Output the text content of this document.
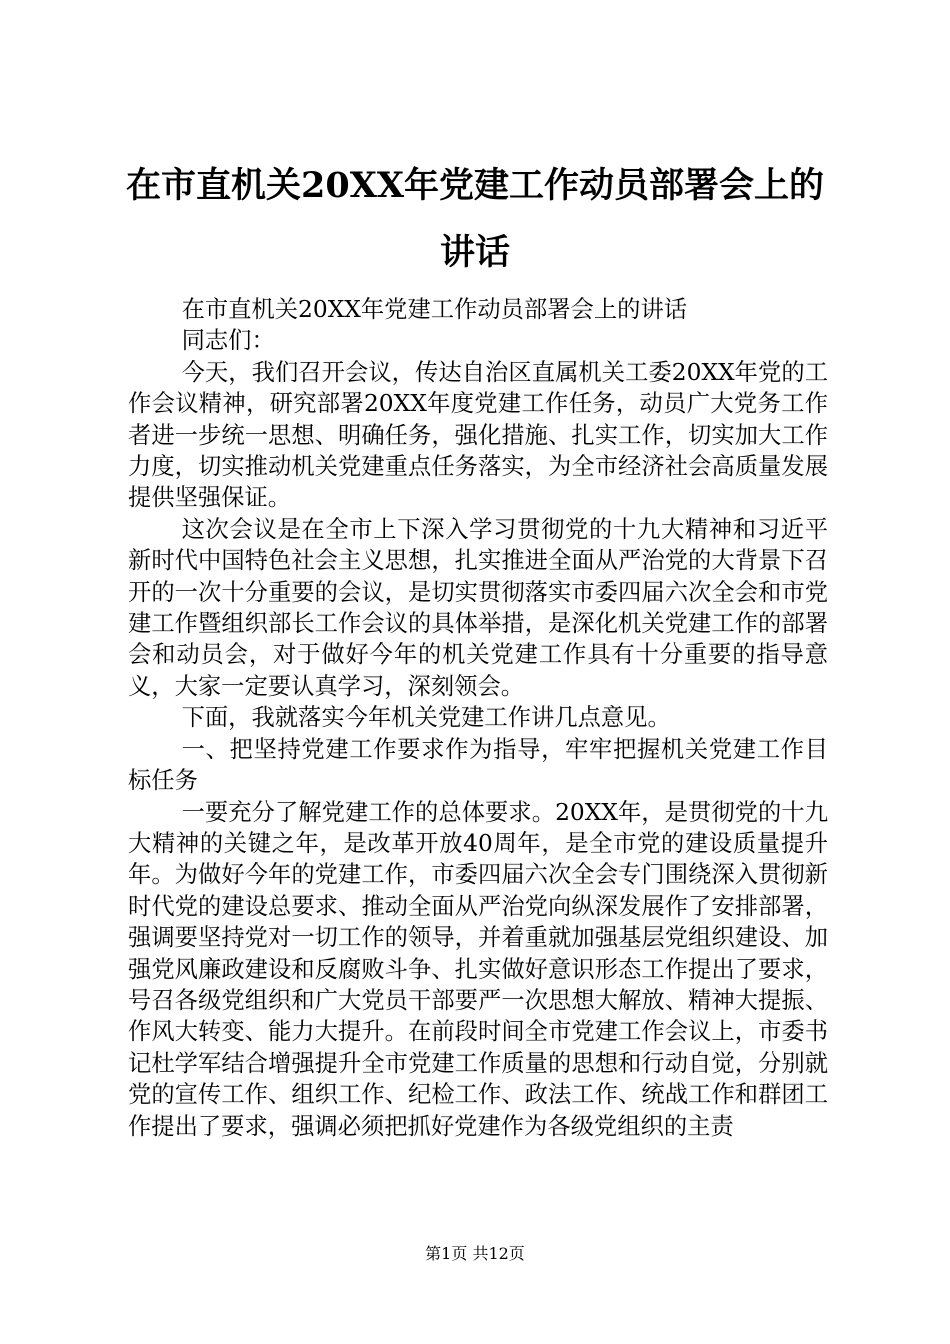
在市直机关20XX年党建工作动员部署会上的讲话

在市直机关20XX年党建工作动员部署会上的讲话

同志们：

今天，我们召开会议，传达自治区直属机关工委20XX年党的工作会议精神，研究部署20XX年度党建工作任务，动员广大党务工作者进一步统一思想、明确任务，强化措施、扎实工作，切实加大工作力度，切实推动机关党建重点任务落实，为全市经济社会高质量发展提供坚强保证。

这次会议是在全市上下深入学习贯彻党的十九大精神和习近平新时代中国特色社会主义思想，扎实推进全面从严治党的大背景下召开的一次十分重要的会议，是切实贯彻落实市委四届六次全会和市党建工作暨组织部长工作会议的具体举措，是深化机关党建工作的部署会和动员会，对于做好今年的机关党建工作具有十分重要的指导意义，大家一定要认真学习，深刻领会。

下面，我就落实今年机关党建工作讲几点意见。

一、把坚持党建工作要求作为指导，牢牢把握机关党建工作目标任务

一要充分了解党建工作的总体要求。20XX年，是贯彻党的十九大精神的关键之年，是改革开放40周年，是全市党的建设质量提升年。为做好今年的党建工作，市委四届六次全会专门围绕深入贯彻新时代党的建设总要求、推动全面从严治党向纵深发展作了安排部署，强调要坚持党对一切工作的领导，并着重就加强基层党组织建设、加强党风廉政建设和反腐败斗争、扎实做好意识形态工作提出了要求，号召各级党组织和广大党员干部要严一次思想大解放、精神大提振、作风大转变、能力大提升。在前段时间全市党建工作会议上，市委书记杜学军结合增强提升全市党建工作质量的思想和行动自觉，分别就党的宣传工作、组织工作、纪检工作、政法工作、统战工作和群团工作提出了要求，强调必须把抓好党建作为各级党组织的主责

第1页 共12页
